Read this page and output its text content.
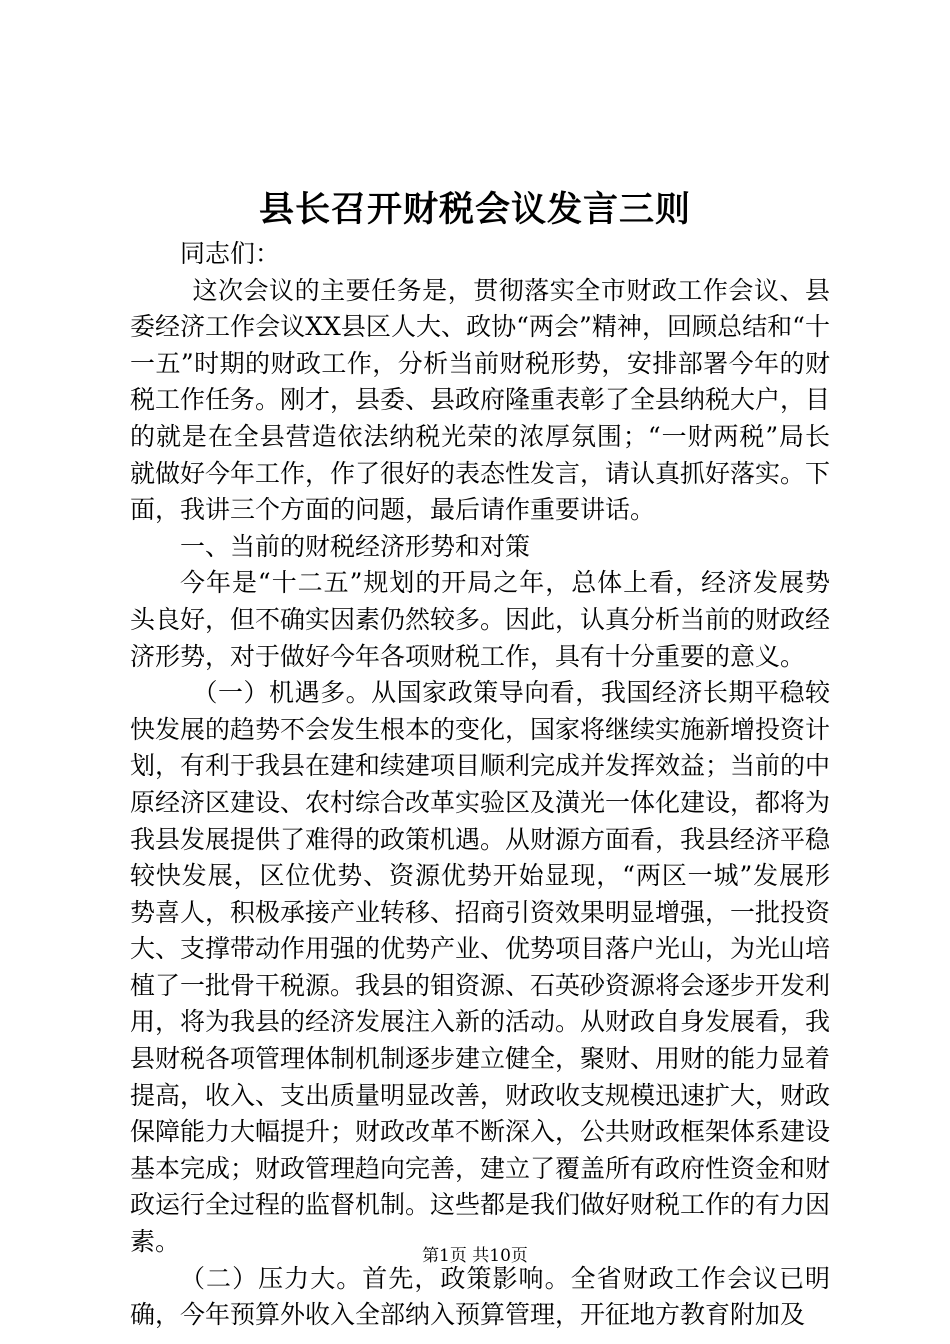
县长召开财税会议发言三则

同志们：

这次会议的主要任务是，贯彻落实全市财政工作会议、县委经济工作会议XX县区人大、政协“两会”精神，回顾总结和“十一五”时期的财政工作，分析当前财税形势，安排部署今年的财税工作任务。刚才，县委、县政府隆重表彰了全县纳税大户，目的就是在全县营造依法纳税光荣的浓厚氛围；“一财两税”局长就做好今年工作，作了很好的表态性发言，请认真抓好落实。下面，我讲三个方面的问题，最后请作重要讲话。

一、当前的财税经济形势和对策

今年是“十二五”规划的开局之年，总体上看，经济发展势头良好，但不确实因素仍然较多。因此，认真分析当前的财政经济形势，对于做好今年各项财税工作，具有十分重要的意义。

（一）机遇多。从国家政策导向看，我国经济长期平稳较快发展的趋势不会发生根本的变化，国家将继续实施新增投资计划，有利于我县在建和续建项目顺利完成并发挥效益；当前的中原经济区建设、农村综合改革实验区及潢光一体化建设，都将为我县发展提供了难得的政策机遇。从财源方面看，我县经济平稳较快发展，区位优势、资源优势开始显现，“两区一城”发展形势喜人，积极承接产业转移、招商引资效果明显增强，一批投资大、支撑带动作用强的优势产业、优势项目落户光山，为光山培植了一批骨干税源。我县的钼资源、石英砂资源将会逐步开发利用，将为我县的经济发展注入新的活动。从财政自身发展看，我县财税各项管理体制机制逐步建立健全，聚财、用财的能力显着提高，收入、支出质量明显改善，财政收支规模迅速扩大，财政保障能力大幅提升；财政改革不断深入，公共财政框架体系建设基本完成；财政管理趋向完善，建立了覆盖所有政府性资金和财政运行全过程的监督机制。这些都是我们做好财税工作的有力因素。

（二）压力大。首先，政策影响。全省财政工作会议已明确，今年预算外收入全部纳入预算管理，开征地方教育附加及

第1页 共10页
